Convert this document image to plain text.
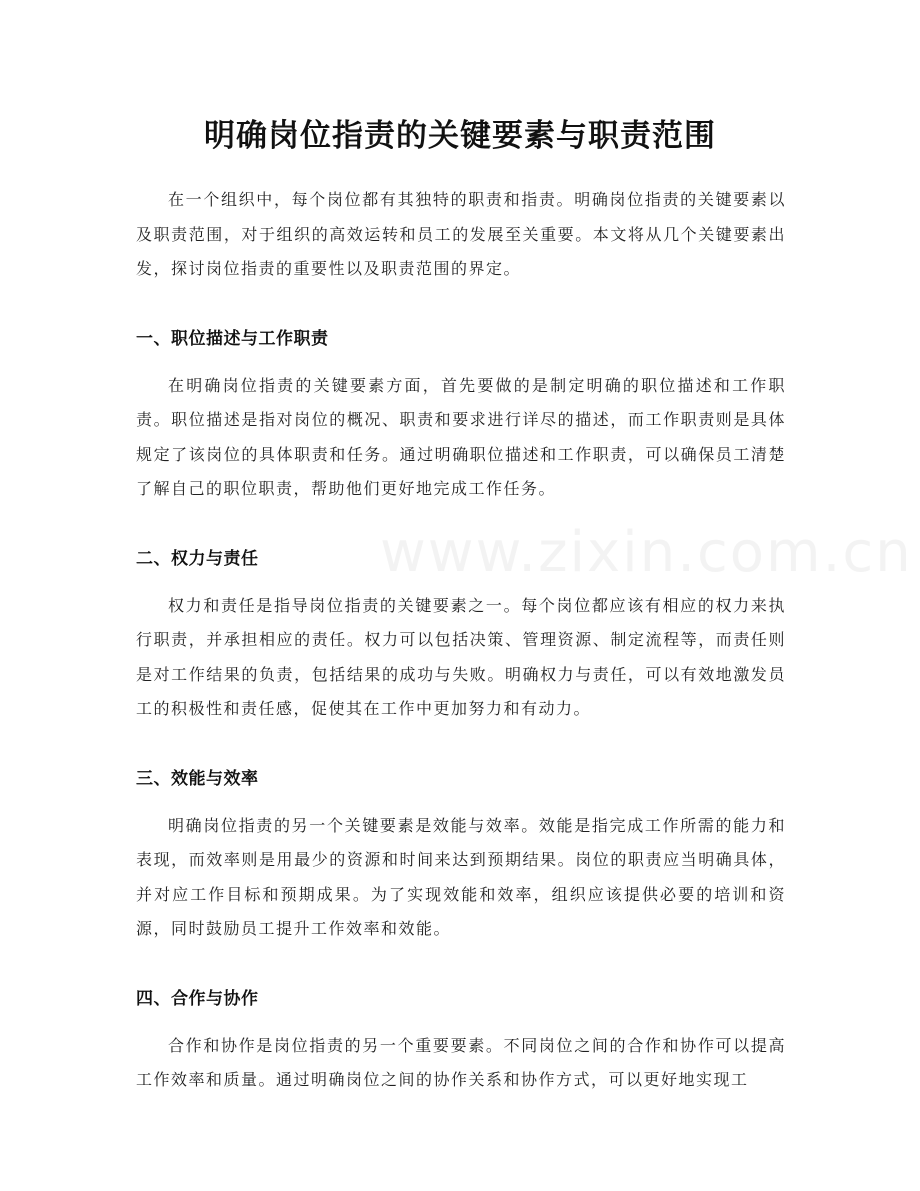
www.zixin.com.cn
明确岗位指责的关键要素与职责范围

在一个组织中，每个岗位都有其独特的职责和指责。明确岗位指责的关键要素以及职责范围，对于组织的高效运转和员工的发展至关重要。本文将从几个关键要素出发，探讨岗位指责的重要性以及职责范围的界定。

一、职位描述与工作职责

在明确岗位指责的关键要素方面，首先要做的是制定明确的职位描述和工作职责。职位描述是指对岗位的概况、职责和要求进行详尽的描述，而工作职责则是具体规定了该岗位的具体职责和任务。通过明确职位描述和工作职责，可以确保员工清楚了解自己的职位职责，帮助他们更好地完成工作任务。

二、权力与责任

权力和责任是指导岗位指责的关键要素之一。每个岗位都应该有相应的权力来执行职责，并承担相应的责任。权力可以包括决策、管理资源、制定流程等，而责任则是对工作结果的负责，包括结果的成功与失败。明确权力与责任，可以有效地激发员工的积极性和责任感，促使其在工作中更加努力和有动力。

三、效能与效率

明确岗位指责的另一个关键要素是效能与效率。效能是指完成工作所需的能力和表现，而效率则是用最少的资源和时间来达到预期结果。岗位的职责应当明确具体，并对应工作目标和预期成果。为了实现效能和效率，组织应该提供必要的培训和资源，同时鼓励员工提升工作效率和效能。

四、合作与协作

合作和协作是岗位指责的另一个重要要素。不同岗位之间的合作和协作可以提高工作效率和质量。通过明确岗位之间的协作关系和协作方式，可以更好地实现工
